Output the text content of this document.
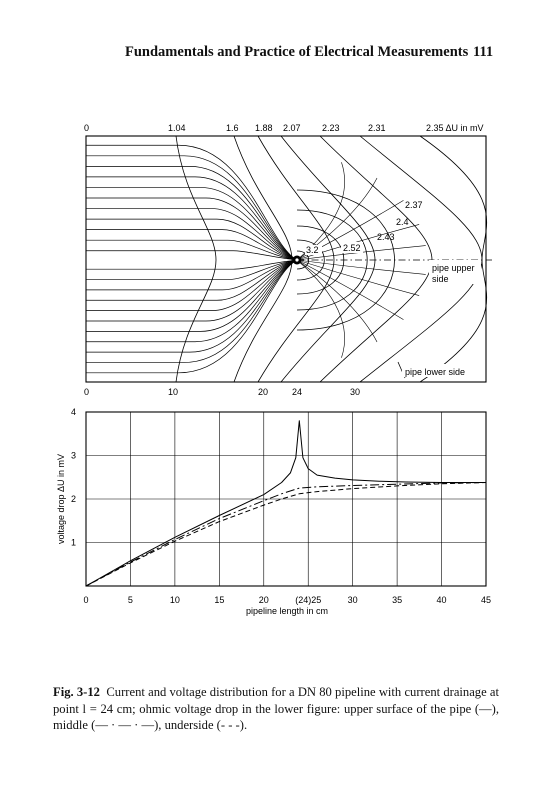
Fundamentals and Practice of Electrical Measurements 111
0	1.04	1.6 1.88 2.07 2.23	2.31	2.35 ΔU in mV
2.37
2.4
2.43
2.52
3.2
pipe upper side
pipe lower side
0	10	20	24	30
0	5	10	15	20	(24)25	30	35	40	45
1
2
3
4
pipeline length in cm
voltage drop ΔU in mV
Fig. 3-12 Current and voltage distribution for a DN 80 pipeline with current drainage at point l = 24 cm; ohmic voltage drop in the lower figure: upper surface of the pipe (—), middle (— · — · —), underside (- - -).
